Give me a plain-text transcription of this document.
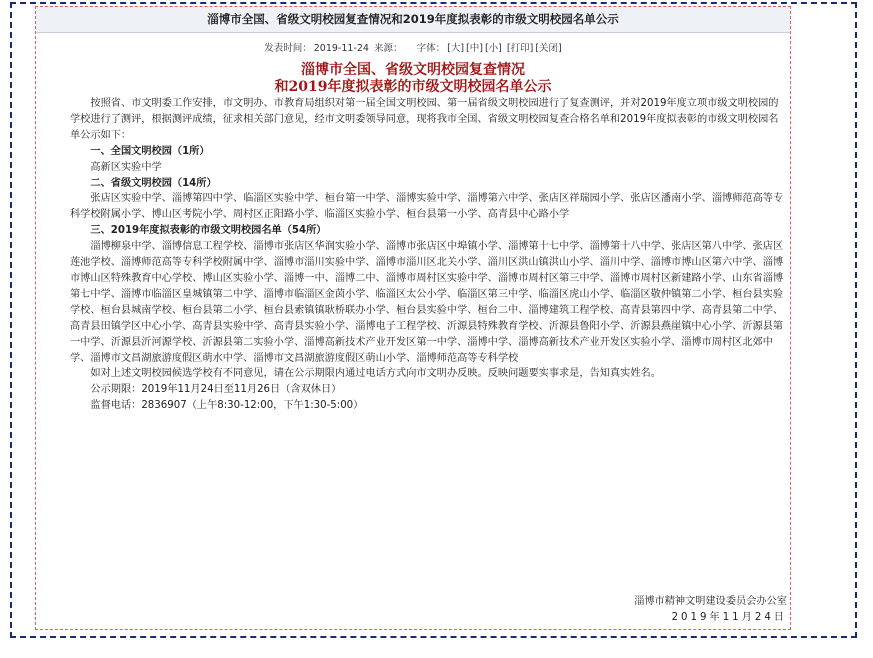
淄博市全国、省级文明校园复查情况和2019年度拟表彰的市级文明校园名单公示
发表时间： 2019-11-24 来源： 字体： [大] [中] [小] [打印] [关闭]
淄博市全国、省级文明校园复查情况
和2019年度拟表彰的市级文明校园名单公示

按照省、市文明委工作安排，市文明办、市教育局组织对第一届全国文明校园、第一届省级文明校园进行了复查测评，并对2019年度立项市级文明校园的学校进行了测评，根据测评成绩，征求相关部门意见，经市文明委领导同意，现将我市全国、省级文明校园复查合格名单和2019年度拟表彰的市级文明校园名单公示如下：

一、全国文明校园（1所）

高新区实验中学

二、省级文明校园（14所）

张店区实验中学、淄博第四中学、临淄区实验中学、桓台第一中学、淄博实验中学、淄博第六中学、张店区祥瑞园小学、张店区潘南小学、淄博师范高等专科学校附属小学、博山区考院小学、周村区正阳路小学、临淄区实验小学、桓台县第一小学、高青县中心路小学

三、2019年度拟表彰的市级文明校园名单（54所）

淄博柳泉中学、淄博信息工程学校、淄博市张店区华润实验小学、淄博市张店区中埠镇小学、淄博第十七中学、淄博第十八中学、张店区第八中学、张店区莲池学校、淄博师范高等专科学校附属中学、淄博市淄川实验中学、淄博市淄川区北关小学、淄川区洪山镇洪山小学、淄川中学、淄博市博山区第六中学、淄博市博山区特殊教育中心学校、博山区实验小学、淄博一中、淄博二中、淄博市周村区实验中学、淄博市周村区第三中学、淄博市周村区新建路小学、山东省淄博第七中学、淄博市临淄区皇城镇第二中学、淄博市临淄区金茵小学、临淄区太公小学、临淄区第三中学、临淄区虎山小学、临淄区敬仲镇第二小学、桓台县实验学校、桓台县城南学校、桓台县第二小学、桓台县索镇镇耿桥联办小学、桓台县实验中学、桓台二中、淄博建筑工程学校、高青县第四中学、高青县第二中学、高青县田镇学区中心小学、高青县实验中学、高青县实验小学、淄博电子工程学校、沂源县特殊教育学校、沂源县鲁阳小学、沂源县燕崖镇中心小学、沂源县第一中学、沂源县沂河源学校、沂源县第二实验小学、淄博高新技术产业开发区第一中学、淄博中学、淄博高新技术产业开发区实验小学、淄博市周村区北郊中学、淄博市文昌湖旅游度假区萌水中学、淄博市文昌湖旅游度假区萌山小学、淄博师范高等专科学校

如对上述文明校园候选学校有不同意见，请在公示期限内通过电话方式向市文明办反映。反映问题要实事求是，告知真实姓名。

公示期限：2019年11月24日至11月26日（含双休日）

监督电话：2836907（上午8:30-12:00，下午1:30-5:00）

淄博市精神文明建设委员会办公室
2019年11月24日
